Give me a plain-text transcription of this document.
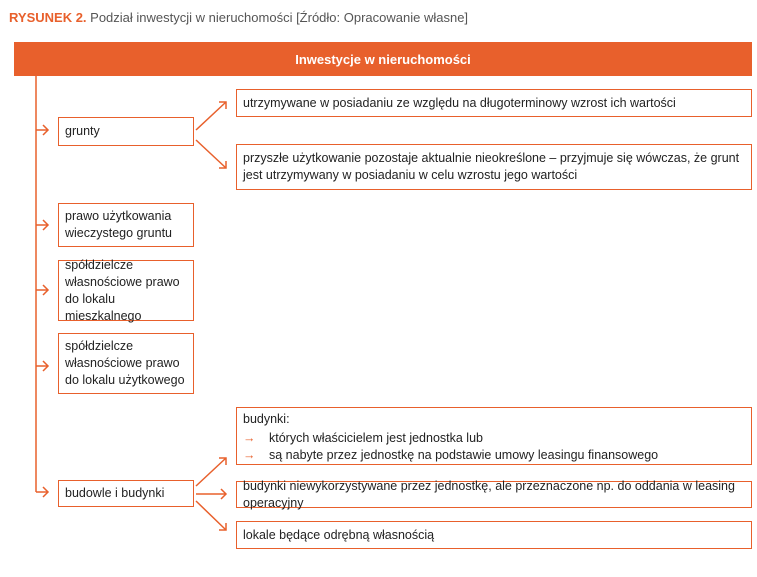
RYSUNEK 2. Podział inwestycji w nieruchomości [Źródło: Opracowanie własne]
Inwestycje w nieruchomości
grunty
prawo użytkowania wieczystego gruntu
spółdzielcze własnościowe prawo do lokalu mieszkalnego
spółdzielcze własnościowe prawo do lokalu użytkowego
budowle i budynki
utrzymywane w posiadaniu ze względu na długoterminowy wzrost ich wartości
przyszłe użytkowanie pozostaje aktualnie nieokreślone – przyjmuje się wówczas, że grunt jest utrzymywany w posiadaniu w celu wzrostu jego wartości
budynki:
→ których właścicielem jest jednostka lub
→ są nabyte przez jednostkę na podstawie umowy leasingu finansowego
budynki niewykorzystywane przez jednostkę, ale przeznaczone np. do oddania w leasing operacyjny
lokale będące odrębną własnością
